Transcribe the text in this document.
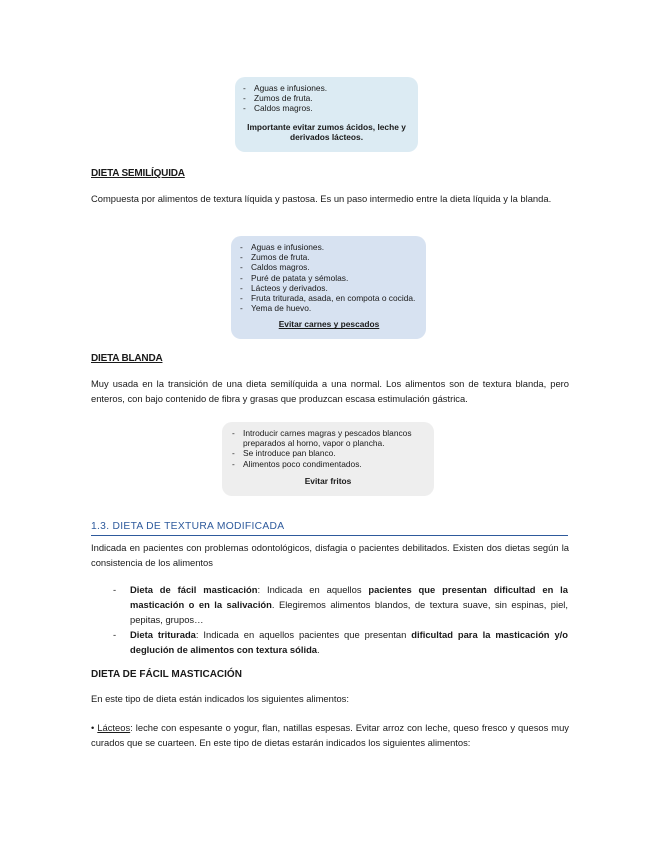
- Aguas e infusiones.
- Zumos de fruta.
- Caldos magros.
Importante evitar zumos ácidos, leche y derivados lácteos.
DIETA SEMILÍQUIDA
Compuesta por alimentos de textura líquida y pastosa. Es un paso intermedio entre la dieta líquida y la blanda.
- Aguas e infusiones.
- Zumos de fruta.
- Caldos magros.
- Puré de patata y sémolas.
- Lácteos y derivados.
- Fruta triturada, asada, en compota o cocida.
- Yema de huevo.
Evitar carnes y pescados
DIETA BLANDA
Muy usada en la transición de una dieta semilíquida a una normal. Los alimentos son de textura blanda, pero enteros, con bajo contenido de fibra y grasas que produzcan escasa estimulación gástrica.
- Introducir carnes magras y pescados blancos preparados al horno, vapor o plancha.
- Se introduce pan blanco.
- Alimentos poco condimentados.
Evitar fritos
1.3. DIETA DE TEXTURA MODIFICADA
Indicada en pacientes con problemas odontológicos, disfagia o pacientes debilitados. Existen dos dietas según la consistencia de los alimentos
- Dieta de fácil masticación: Indicada en aquellos pacientes que presentan dificultad en la masticación o en la salivación. Elegiremos alimentos blandos, de textura suave, sin espinas, piel, pepitas, grupos…
- Dieta triturada: Indicada en aquellos pacientes que presentan dificultad para la masticación y/o deglución de alimentos con textura sólida.
DIETA DE FÁCIL MASTICACIÓN
En este tipo de dieta están indicados los siguientes alimentos:
• Lácteos: leche con espesante o yogur, flan, natillas espesas. Evitar arroz con leche, queso fresco y quesos muy curados que se cuarteen. En este tipo de dietas estarán indicados los siguientes alimentos:
